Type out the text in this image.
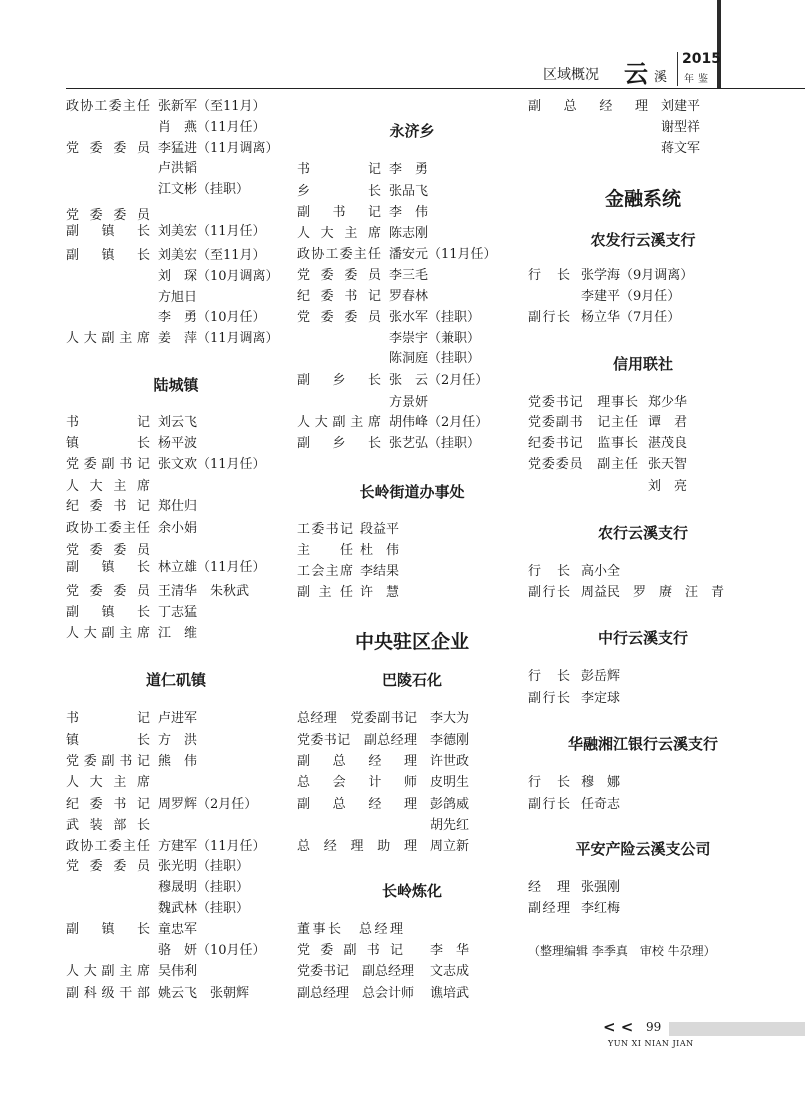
区域概况 云 溪
2015
年鉴
政协工委主任 张新军（至11月）
肖　燕（11月任）
党 委 委 员 李猛进（11月调离）
卢洪韬
江文彬（挂职）
党 委 委 员
副　镇　长 刘美宏（11月任）
副　镇　长 刘美宏（至11月）
刘　琛（10月调离）
方旭日
李　勇（10月任）
人大副主席 姜　萍（11月调离）
陆城镇
书　　　记 刘云飞
镇　　　长 杨平波
党委副书记 张文欢（11月任）
人 大 主 席
纪 委 书 记 郑仕归
政协工委主任 余小娟
党 委 委 员
副　镇　长 林立雄（11月任）
党 委 委 员 王清华　朱秋武
副　镇　长 丁志猛
人大副主席 江　维
道仁矶镇
书　　　记 卢进军
镇　　　长 方　洪
党委副书记 熊　伟
人 大 主 席
纪 委 书 记 周罗辉（2月任）
武 装 部 长
政协工委主任 方建军（11月任）
党 委 委 员 张光明（挂职）
穆晟明（挂职）
魏武林（挂职）
副　镇　长 童忠军
骆　妍（10月任）
人大副主席 吴伟利
副科级干部 姚云飞　张朝辉
永济乡
书　　　记 李　勇
乡　　　长 张品飞
副 书 记 李　伟
人大主席 陈志刚
政协工委主任 潘安元（11月任）
党 委 委 员 李三毛
纪 委 书 记 罗春林
党 委 委 员 张水军（挂职）
李崇宇（兼职）
陈洞庭（挂职）
副　乡　长 张　云（2月任）
方景妍
人大副主席 胡伟峰（2月任）
副　乡　长 张艺弘（挂职）
长岭街道办事处
工委书记 段益平
主　任 杜　伟
工会主席 李结果
副主任 许　慧
中央驻区企业
巴陵石化
总经理　党委副书记 李大为
党委书记　副总经理 李德刚
副　总　经　理 许世政
总　会　计　师 皮明生
副　总　经　理 彭鸽威
胡先红
总 经 理 助 理 周立新
长岭炼化
董事长　总经理
党 委 副 书 记 李　华
党委书记　副总经理 文志成
副总经理　总会计师 谯培武
副　总　经　理 刘建平
谢型祥
蒋文军
金融系统
农发行云溪支行
行　长 张学海（9月调离）
李建平（9月任）
副行长 杨立华（7月任）
信用联社
党委书记　理事长 郑少华
党委副书　记主任 谭　君
纪委书记　监事长 湛茂良
党委委员　副主任 张天智
刘　亮
农行云溪支行
行　长 高小全
副行长 周益民　罗　赓　汪　青
中行云溪支行
行　长 彭岳辉
副行长 李定球
华融湘江银行云溪支行
行　长 穆　娜
副行长 任奇志
平安产险云溪支公司
经　理 张强刚
副经理 李红梅
（整理编辑 李季真　审校 牛尕理）
< < 99
YUN XI NIAN JIAN
